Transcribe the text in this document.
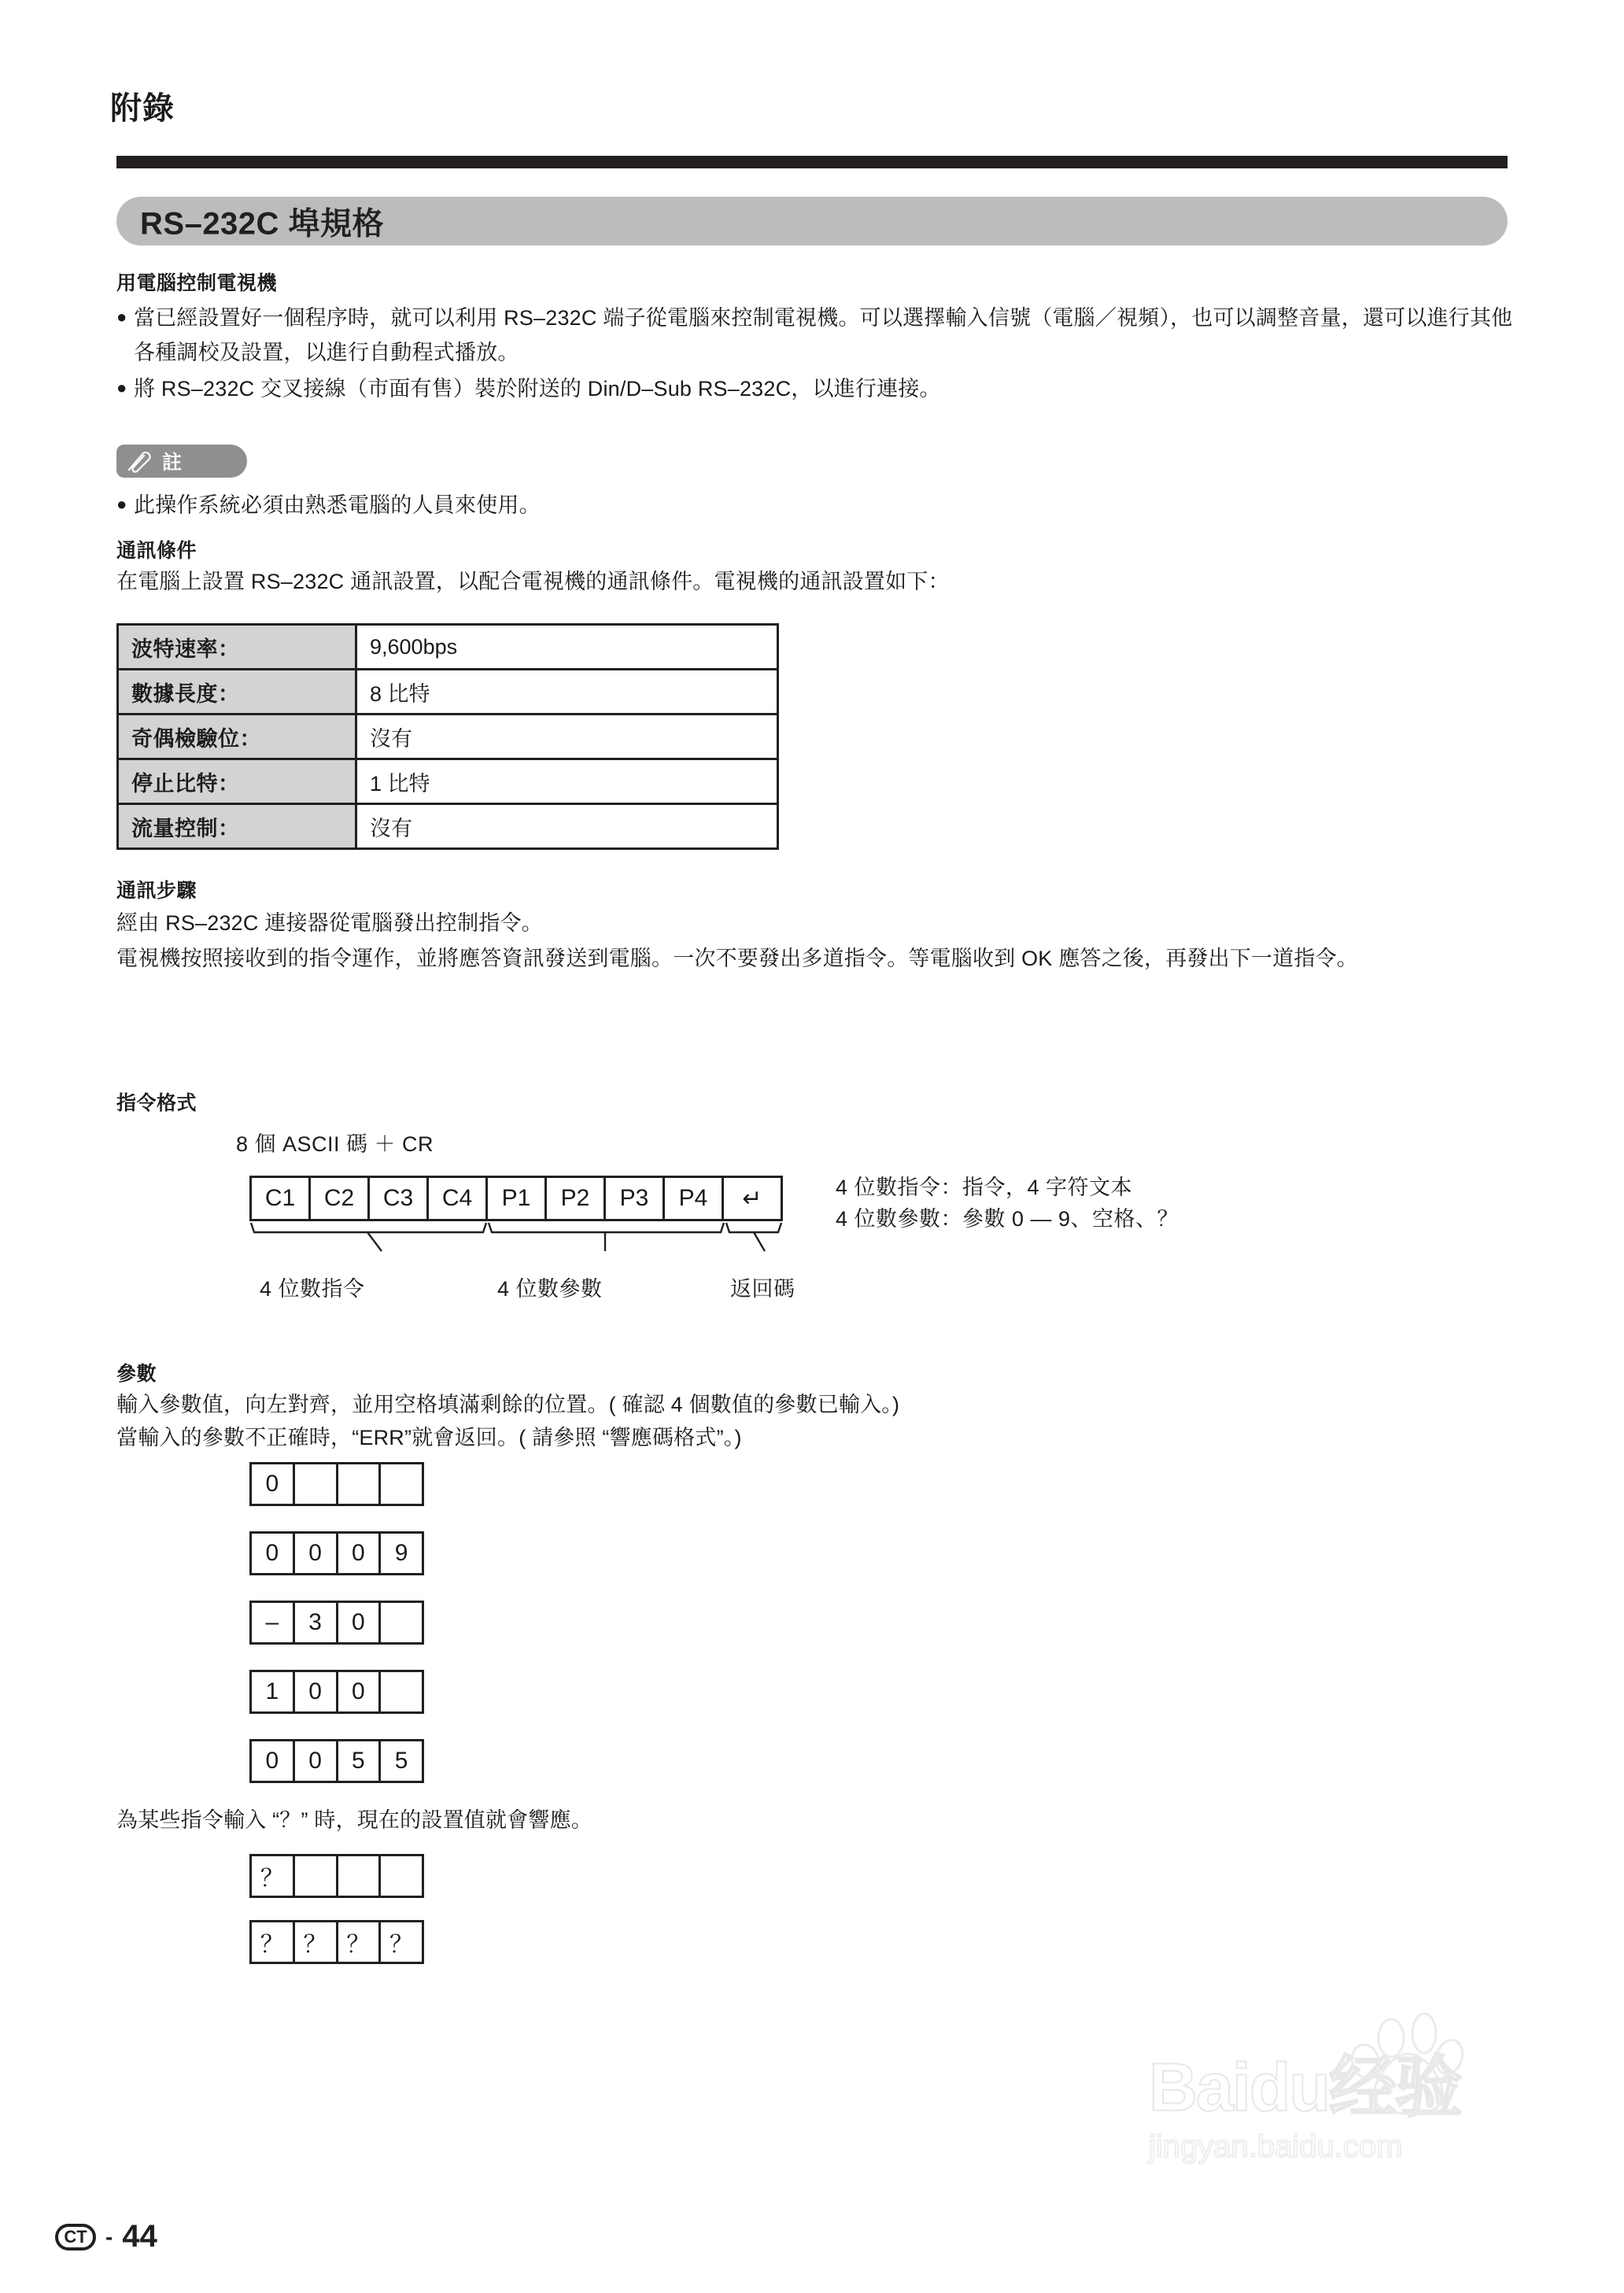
附錄
RS–232C 埠規格
用電腦控制電視機
● 當已經設置好一個程序時，就可以利用 RS–232C 端子從電腦來控制電視機。可以選擇輸入信號（電腦／視頻），也可以調整音量，還可以進行其他各種調校及設置，以進行自動程式播放。
● 將 RS–232C 交叉接線（市面有售）裝於附送的 Din/D–Sub RS–232C，以進行連接。
註
● 此操作系統必須由熟悉電腦的人員來使用。
通訊條件
在電腦上設置 RS–232C 通訊設置，以配合電視機的通訊條件。電視機的通訊設置如下：
波特速率：	9,600bps
數據長度：	8 比特
奇偶檢驗位：	沒有
停止比特：	1 比特
流量控制：	沒有
通訊步驟
經由 RS–232C 連接器從電腦發出控制指令。
電視機按照接收到的指令運作，並將應答資訊發送到電腦。一次不要發出多道指令。等電腦收到 OK 應答之後，再發出下一道指令。
指令格式
8 個 ASCII 碼 ＋ CR
C1	C2	C3	C4	P1	P2	P3	P4	↵
4 位數指令	4 位數參數	返回碼
4 位數指令：指令，4 字符文本
4 位數參數：參數 0 — 9、空格、？
參數
輸入參數值，向左對齊，並用空格填滿剩餘的位置。( 確認 4 個數值的參數已輸入。)
當輸入的參數不正確時，“ERR”就會返回。( 請參照 “響應碼格式”。)
0
0	0	0	9
–	3	0
1	0	0
0	0	5	5
為某些指令輸入 “？” 時，現在的設置值就會響應。
？
？ ？ ？ ？
Baidu经验
jingyan.baidu.com
CT - 44
